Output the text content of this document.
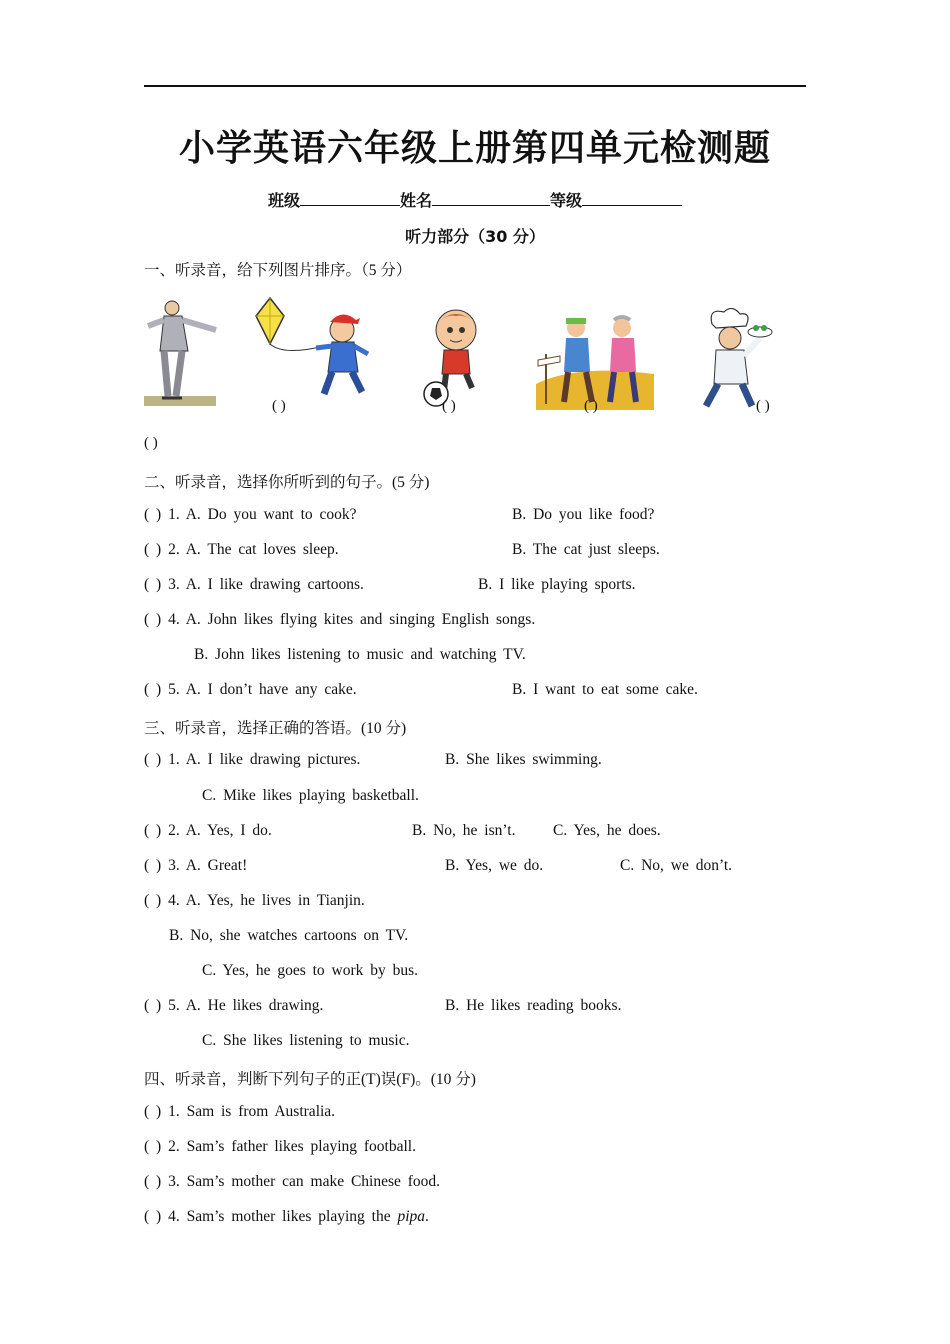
小学英语六年级上册第四单元检测题
班级	姓名	等级
听力部分（30 分）
一、听录音，给下列图片排序。（5 分）
( )	( )	( )	( )
( )
二、听录音，选择你所听到的句子。(5 分)
( ) 1. A. Do you want to cook?	B. Do you like food?
( ) 2. A. The cat loves sleep.	B. The cat just sleeps.
( ) 3. A. I like drawing cartoons.	B. I like playing sports.
( ) 4. A. John likes flying kites and singing English songs.
B. John likes listening to music and watching TV.
( ) 5. A. I don’t have any cake.	B. I want to eat some cake.
三、听录音，选择正确的答语。(10 分)
( ) 1. A. I like drawing pictures.	B. She likes swimming.
C. Mike likes playing basketball.
( ) 2. A. Yes, I do.	B. No, he isn’t. C. Yes, he does.
( ) 3. A. Great!	B. Yes, we do.	C. No, we don’t.
( ) 4. A. Yes, he lives in Tianjin.
B. No, she watches cartoons on TV.
C. Yes, he goes to work by bus.
( ) 5. A. He likes drawing.	B. He likes reading books.
C. She likes listening to music.
四、听录音，判断下列句子的正(T)误(F)。(10 分)
( ) 1. Sam is from Australia.
( ) 2. Sam’s father likes playing football.
( ) 3. Sam’s mother can make Chinese food.
( ) 4. Sam’s mother likes playing the pipa.
